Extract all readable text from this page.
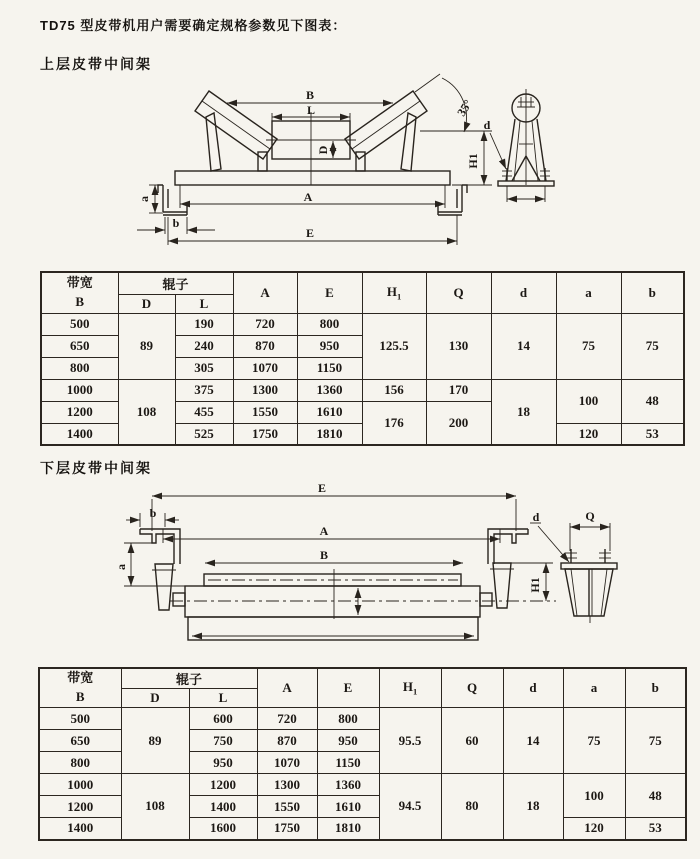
TD75 型皮带机用户需要确定规格参数见下图表：
上层皮带中间架
B
L
D
35°
A
E
a
b
H1
d
带宽
B	辊子		A	E	$H_1$	Q	d	a	b
	D	L							
500	89	190	720	800	125.5	130	14	75	75
650		240	870	950					
800		305	1070	1150					
1000	108	375	1300	1360	156	170	18	100	48
1200		455	1550	1610	176	200			
1400		525	1750	1810				120	53
下层皮带中间架
E
b
a
A
B
H1
Q
d
带宽
B	辊子		A	E	$H_1$	Q	d	a	b
	D	L							
500	89	600	720	800	95.5	60	14	75	75
650		750	870	950					
800		950	1070	1150					
1000	108	1200	1300	1360	94.5	80	18	100	48
1200		1400	1550	1610					
1400		1600	1750	1810				120	53
